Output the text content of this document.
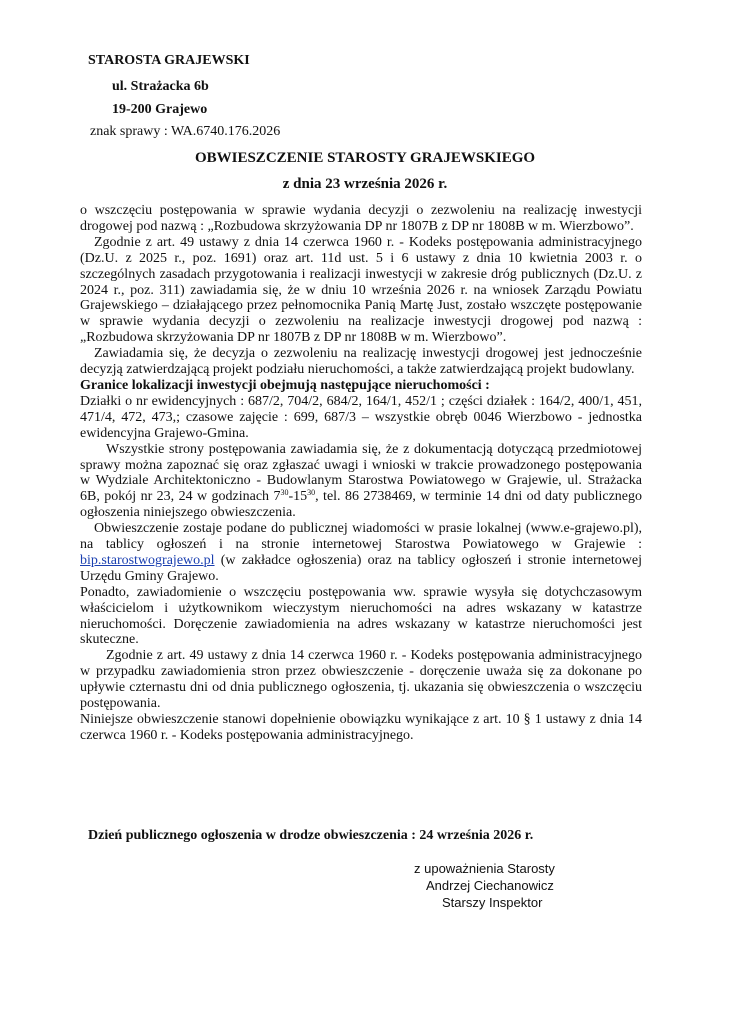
STAROSTA GRAJEWSKI
ul. Strażacka 6b
19-200 Grajewo
znak sprawy : WA.6740.176.2026
OBWIESZCZENIE STAROSTY GRAJEWSKIEGO
z dnia 23 września 2026 r.

o wszczęciu postępowania w sprawie wydania decyzji o zezwoleniu na realizację inwestycji drogowej pod nazwą : „Rozbudowa skrzyżowania DP nr 1807B z DP nr 1808B w m. Wierzbowo”.

Zgodnie z art. 49 ustawy z dnia 14 czerwca 1960 r. - Kodeks postępowania administracyjnego (Dz.U. z 2025 r., poz. 1691) oraz art. 11d ust. 5 i 6 ustawy z dnia 10 kwietnia 2003 r. o szczególnych zasadach przygotowania i realizacji inwestycji w zakresie dróg publicznych (Dz.U. z 2024 r., poz. 311) zawiadamia się, że w dniu 10 września 2026 r. na wniosek Zarządu Powiatu Grajewskiego – działającego przez pełnomocnika Panią Martę Just, zostało wszczęte postępowanie w sprawie wydania decyzji o zezwoleniu na realizacje inwestycji drogowej pod nazwą : „Rozbudowa skrzyżowania DP nr 1807B z DP nr 1808B w m. Wierzbowo”.

Zawiadamia się, że decyzja o zezwoleniu na realizację inwestycji drogowej jest jednocześnie decyzją zatwierdzającą projekt podziału nieruchomości, a także zatwierdzającą projekt budowlany.

Granice lokalizacji inwestycji obejmują następujące nieruchomości :

Działki o nr ewidencyjnych : 687/2, 704/2, 684/2, 164/1, 452/1 ; części działek : 164/2, 400/1, 451, 471/4, 472, 473,; czasowe zajęcie : 699, 687/3 – wszystkie obręb 0046 Wierzbowo - jednostka ewidencyjna Grajewo-Gmina.

Wszystkie strony postępowania zawiadamia się, że z dokumentacją dotyczącą przedmiotowej sprawy można zapoznać się oraz zgłaszać uwagi i wnioski w trakcie prowadzonego postępowania w Wydziale Architektoniczno - Budowlanym Starostwa Powiatowego w Grajewie, ul. Strażacka 6B, pokój nr 23, 24 w godzinach $7^{30}-15^{30}$, tel. 86 2738469, w terminie 14 dni od daty publicznego ogłoszenia niniejszego obwieszczenia.

Obwieszczenie zostaje podane do publicznej wiadomości w prasie lokalnej (www.e-grajewo.pl), na tablicy ogłoszeń i na stronie internetowej Starostwa Powiatowego w Grajewie : bip.starostwograjewo.pl (w zakładce ogłoszenia) oraz na tablicy ogłoszeń i stronie internetowej Urzędu Gminy Grajewo.

Ponadto, zawiadomienie o wszczęciu postępowania ww. sprawie wysyła się dotychczasowym właścicielom i użytkownikom wieczystym nieruchomości na adres wskazany w katastrze nieruchomości. Doręczenie zawiadomienia na adres wskazany w katastrze nieruchomości jest skuteczne.

Zgodnie z art. 49 ustawy z dnia 14 czerwca 1960 r. - Kodeks postępowania administracyjnego w przypadku zawiadomienia stron przez obwieszczenie - doręczenie uważa się za dokonane po upływie czternastu dni od dnia publicznego ogłoszenia, tj. ukazania się obwieszczenia o wszczęciu postępowania.

Niniejsze obwieszczenie stanowi dopełnienie obowiązku wynikające z art. 10 § 1 ustawy z dnia 14 czerwca 1960 r. - Kodeks postępowania administracyjnego.

Dzień publicznego ogłoszenia w drodze obwieszczenia : 24 września 2026 r.
z upoważnienia Starosty
Andrzej Ciechanowicz
Starszy Inspektor
